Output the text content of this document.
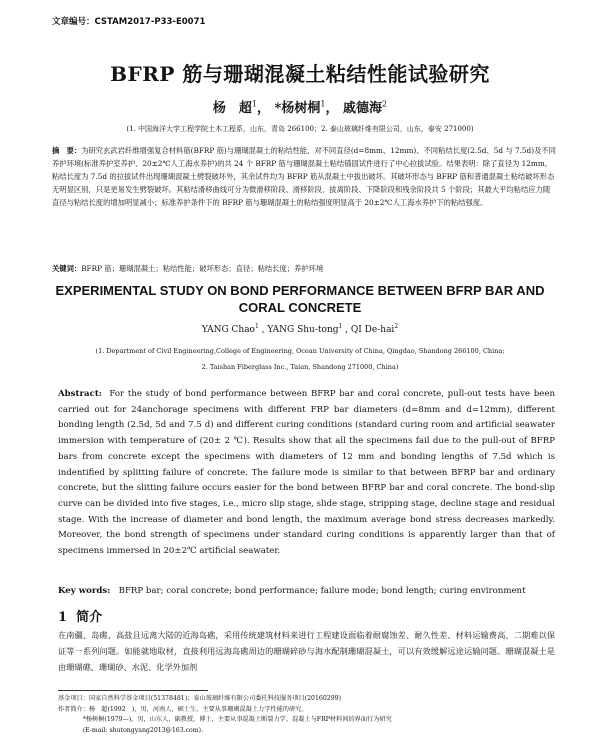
文章编号：CSTAM2017-P33-E0071
BFRP 筋与珊瑚混凝土粘结性能试验研究
杨　超$^1$， *杨树桐$^1$， 戚德海$^2$
(1. 中国海洋大学工程学院土木工程系，山东，青岛 266100；2. 泰山玻璃纤维有限公司，山东，泰安 271000)
摘　要：为研究玄武岩纤维增强复合材料筋(BFRP 筋)与珊瑚混凝土的粘结性能，对不同直径(d=8mm、12mm)、不同粘结长度(2.5d、5d 与 7.5d)及不同养护环境(标准养护室养护、20±2℃人工海水养护)的共 24 个 BFRP 筋与珊瑚混凝土粘结锚固试件进行了中心拉拔试验。结果表明：除了直径为 12mm，粘结长度为 7.5d 的拉拔试件出现珊瑚混凝土劈裂破坏外，其余试件均为 BFRP 筋从混凝土中拔出破坏。其破坏形态与 BFRP 筋和普通混凝土粘结破坏形态无明显区别，只是更易发生劈裂破坏。其粘结滑移曲线可分为微滑移阶段、滑移阶段、拔离阶段、下降阶段和残余阶段共 5 个阶段；其最大平均粘结应力随直径与粘结长度的增加明显减小；标准养护条件下的 BFRP 筋与珊瑚混凝土的粘结强度明显高于 20±2℃人工海水养护下的粘结强度。
关键词：BFRP 筋；珊瑚混凝土；粘结性能；破坏形态；直径；粘结长度；养护环境
EXPERIMENTAL STUDY ON BOND PERFORMANCE BETWEEN BFRP BAR AND CORAL CONCRETE
YANG Chao$^1$ , YANG Shu-tong$^1$ , QI De-hai$^2$
(1. Department of Civil Engineering,College of Engineering, Ocean University of China, Qingdao, Shandong 266100, China;
2. Taishan Fiberglass Inc., Taian, Shandong 271000, China)
Abstract: For the study of bond performance between BFRP bar and coral concrete, pull-out tests have been carried out for 24anchorage specimens with different FRP bar diameters (d=8mm and d=12mm), different bonding length (2.5d, 5d and 7.5 d) and different curing conditions (standard curing room and artificial seawater immersion with temperature of (20± 2 ℃). Results show that all the specimens fail due to the pull-out of BFRP bars from concrete except the specimens with diameters of 12 mm and bonding lengths of 7.5d which is indentified by splitting failure of concrete. The failure mode is similar to that between BFRP bar and ordinary concrete, but the slitting failure occurs easier for the bond between BFRP bar and coral concrete. The bond-slip curve can be divided into five stages, i.e., micro slip stage, slide stage, stripping stage, decline stage and residual stage. With the increase of diameter and bond length, the maximum average bond stress decreases markedly. Moreover, the bond strength of specimens under standard curing conditions is apparently larger than that of specimens immersed in 20±2℃ artificial seawater.
Key words: BFRP bar; coral concrete; bond performance; failure mode; bond length; curing environment
1 简介
在南疆、岛礁、高盐且远离大陆的近海岛礁，采用传统建筑材料来进行工程建设面临着耐腐蚀差、耐久性差、材料运输费高、二期难以保证等一系列问题。如能就地取材，直接利用远海岛礁周边的珊瑚碎砂与海水配制珊瑚混凝土，可以有效缓解远途运输问题。珊瑚混凝土是由珊瑚礁、珊瑚砂、水泥、化学外加剂
基金项目：国家自然科学基金项目(51378481)；泰山玻璃纤维有限公司委托科技服务项目(20160299)
作者简介：杨　超(1992　)，男，河南人，硕士生，主要从事珊瑚混凝土力学性能的研究。
　　　　*杨树桐(1979—)，男，山东人，副教授，博士，主要从事混凝土断裂力学、混凝土与FRP材料间的界面行为研究
　　　　(E-mail: shutongyang2013@163.com).
